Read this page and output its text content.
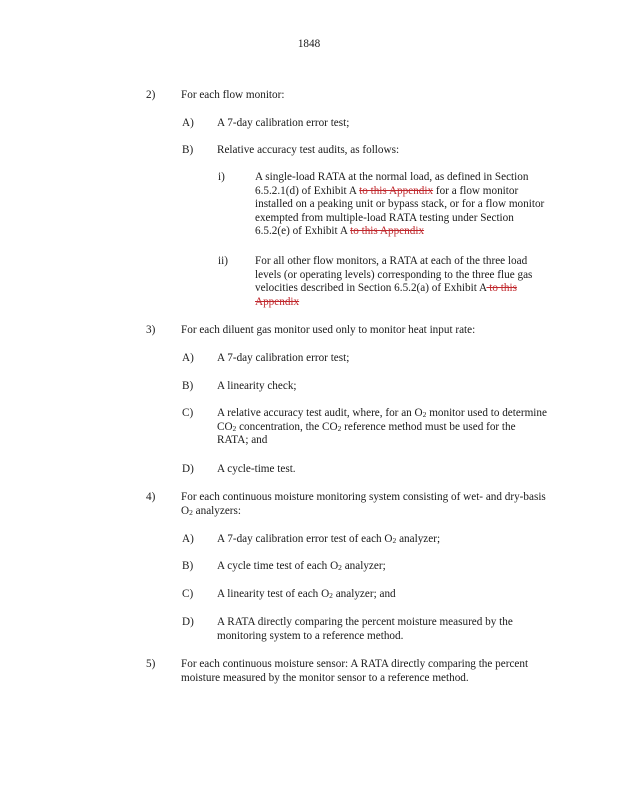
1848
2) For each flow monitor:
A) A 7-day calibration error test;
B) Relative accuracy test audits, as follows:
i)	A single-load RATA at the normal load, as defined in Section 6.5.2.1(d) of Exhibit A to this Appendix for a flow monitor installed on a peaking unit or bypass stack, or for a flow monitor exempted from multiple-load RATA testing under Section 6.5.2(e) of Exhibit A to this Appendix
ii) For all other flow monitors, a RATA at each of the three load levels (or operating levels) corresponding to the three flue gas velocities described in Section 6.5.2(a) of Exhibit A to this Appendix
3) For each diluent gas monitor used only to monitor heat input rate:
A) A 7-day calibration error test;
B) A linearity check;
C) A relative accuracy test audit, where, for an $O_2$ monitor used to determine $CO_2$ concentration, the $CO_2$ reference method must be used for the RATA; and
D) A cycle-time test.
4) For each continuous moisture monitoring system consisting of wet- and dry-basis $O_2$ analyzers:
A) A 7-day calibration error test of each $O_2$ analyzer;
B) A cycle time test of each $O_2$ analyzer;
C) A linearity test of each $O_2$ analyzer; and
D) A RATA directly comparing the percent moisture measured by the monitoring system to a reference method.
5) For each continuous moisture sensor: A RATA directly comparing the percent moisture measured by the monitor sensor to a reference method.
